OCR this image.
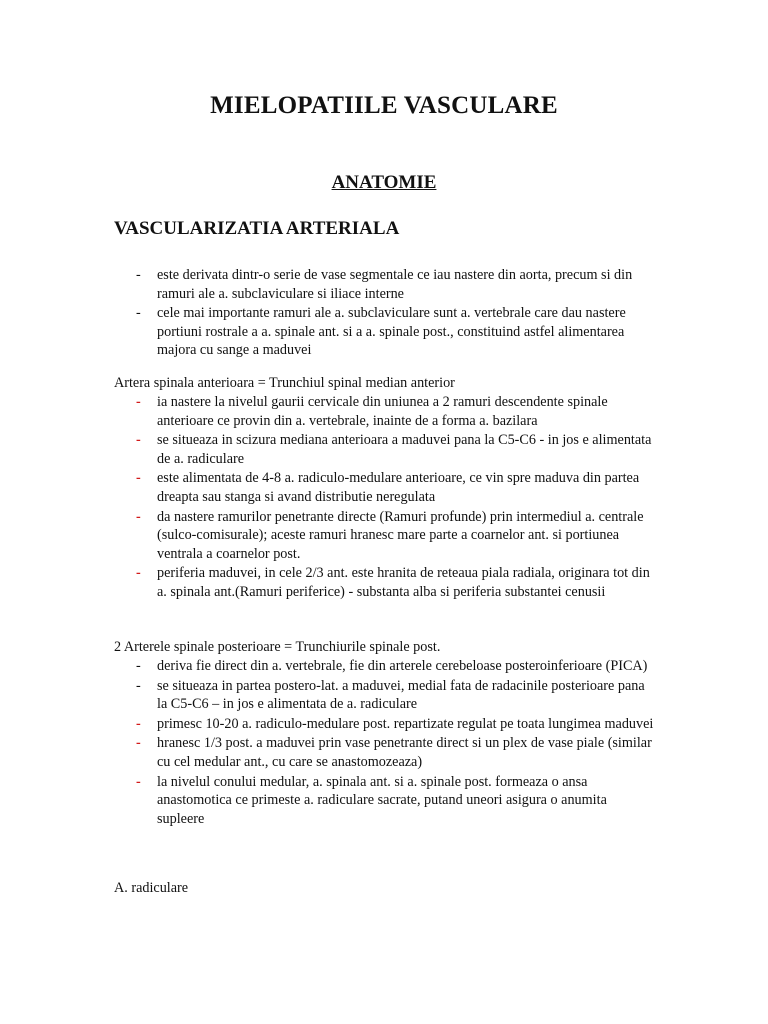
MIELOPATIILE VASCULARE
ANATOMIE
VASCULARIZATIA ARTERIALA
-	este derivata dintr-o serie de vase segmentale ce iau nastere din aorta, precum si din ramuri ale a. subclaviculare si iliace interne
-	cele mai importante ramuri ale a. subclaviculare sunt a. vertebrale care dau nastere portiuni rostrale a a. spinale ant. si a a. spinale post., constituind astfel alimentarea majora cu sange a maduvei
Artera spinala anterioara = Trunchiul spinal median anterior
-	ia nastere la nivelul gaurii cervicale din uniunea a 2 ramuri descendente spinale anterioare ce provin din a. vertebrale, inainte de a forma a. bazilara
-	se situeaza in scizura mediana anterioara a maduvei pana la C5-C6 - in jos e alimentata de a. radiculare
-	este alimentata de 4-8 a. radiculo-medulare anterioare, ce vin spre maduva din partea dreapta sau stanga si avand distributie neregulata
-	da nastere ramurilor penetrante directe (Ramuri profunde) prin intermediul a. centrale (sulco-comisurale); aceste ramuri hranesc mare parte a coarnelor ant. si portiunea ventrala a coarnelor post.
-	periferia maduvei, in cele 2/3 ant. este hranita de reteaua piala radiala, originara tot din a. spinala ant.(Ramuri periferice) - substanta alba si periferia substantei cenusii
2 Arterele spinale posterioare = Trunchiurile spinale post.
-	deriva fie direct din a. vertebrale, fie din arterele cerebeloase posteroinferioare (PICA)
-	se situeaza in partea postero-lat. a maduvei, medial fata de radacinile posterioare pana la C5-C6 – in jos e alimentata de a. radiculare
-	primesc 10-20 a. radiculo-medulare post. repartizate regulat pe toata lungimea maduvei
-	hranesc 1/3 post. a maduvei prin vase penetrante direct si un plex de vase piale (similar cu cel medular ant., cu care se anastomozeaza)
-	la nivelul conului medular, a. spinala ant. si a. spinale post. formeaza o ansa anastomotica ce primeste a. radiculare sacrate, putand uneori asigura o anumita supleere
A. radiculare
